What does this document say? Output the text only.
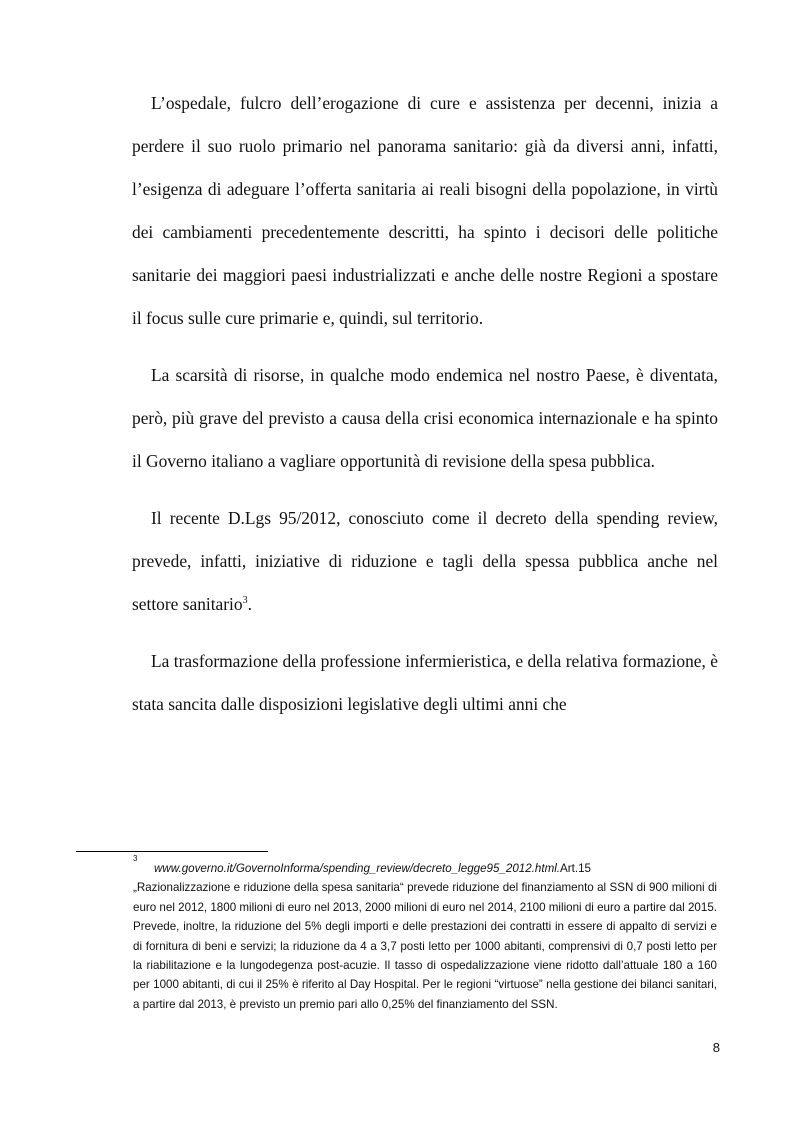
L’ospedale, fulcro dell’erogazione di cure e assistenza per decenni, inizia a perdere il suo ruolo primario nel panorama sanitario: già da diversi anni, infatti, l’esigenza di adeguare l’offerta sanitaria ai reali bisogni della popolazione, in virtù dei cambiamenti precedentemente descritti, ha spinto i decisori delle politiche sanitarie dei maggiori paesi industrializzati e anche delle nostre Regioni a spostare il focus sulle cure primarie e, quindi, sul territorio.

La scarsità di risorse, in qualche modo endemica nel nostro Paese, è diventata, però, più grave del previsto a causa della crisi economica internazionale e ha spinto il Governo italiano a vagliare opportunità di revisione della spesa pubblica.

Il recente D.Lgs 95/2012, conosciuto come il decreto della spending review, prevede, infatti, iniziative di riduzione e tagli della spessa pubblica anche nel settore sanitario$^3$.

La trasformazione della professione infermieristica, e della relativa formazione, è stata sancita dalle disposizioni legislative degli ultimi anni che

3

www.governo.it/GovernoInforma/spending_review/decreto_legge95_2012.html.Art.15
„Razionalizzazione e riduzione della spesa sanitaria“ prevede riduzione del finanziamento al SSN di 900 milioni di euro nel 2012, 1800 milioni di euro nel 2013, 2000 milioni di euro nel 2014, 2100 milioni di euro a partire dal 2015. Prevede, inoltre, la riduzione del 5% degli importi e delle prestazioni dei contratti in essere di appalto di servizi e di fornitura di beni e servizi; la riduzione da 4 a 3,7 posti letto per 1000 abitanti, comprensivi di 0,7 posti letto per la riabilitazione e la lungodegenza post-acuzie. Il tasso di ospedalizzazione viene ridotto dall’attuale 180 a 160 per 1000 abitanti, di cui il 25% è riferito al Day Hospital. Per le regioni “virtuose” nella gestione dei bilanci sanitari, a partire dal 2013, è previsto un premio pari allo 0,25% del finanziamento del SSN.

8
